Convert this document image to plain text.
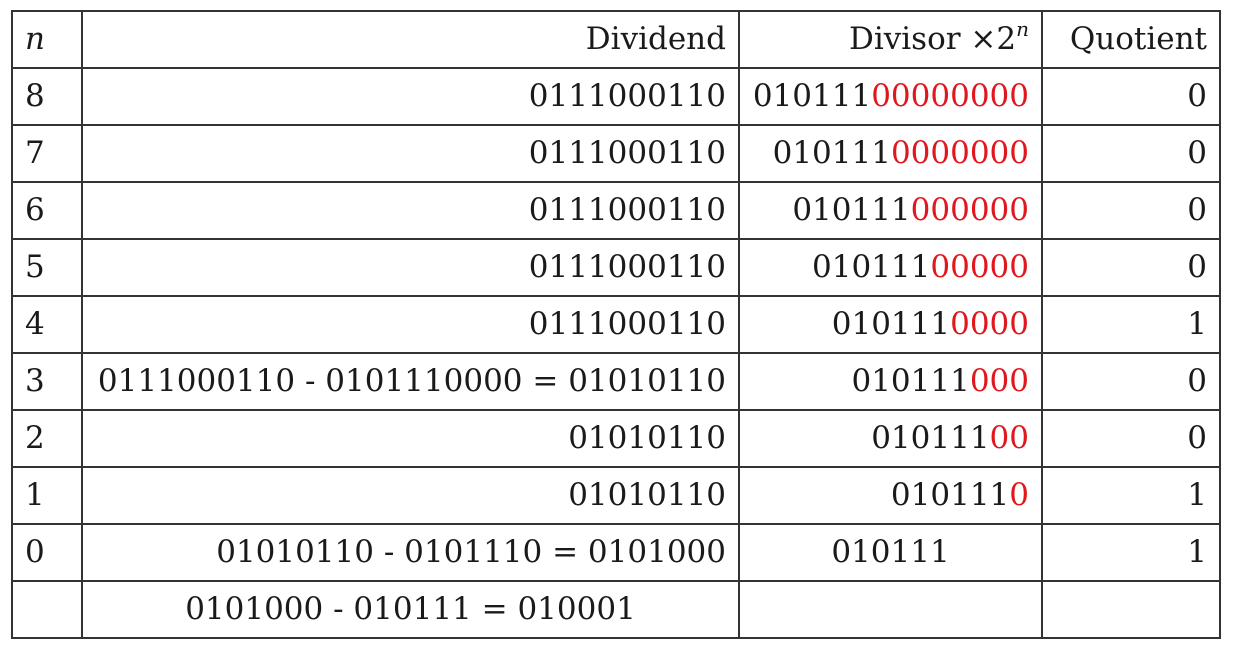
n	Dividend	Divisor $\times 2^n$	Quotient
8	0111000110	01011100000000	0
7	0111000110	0101110000000	0
6	0111000110	010111000000	0
5	0111000110	01011100000	0
4	0111000110	0101110000	1
3	0111000110 - 0101110000 = 01010110	010111000	0
2	01010110	01011100	0
1	01010110	0101110	1
0	01010110 - 0101110 = 0101000	010111	1
	0101000 - 010111 = 010001		
